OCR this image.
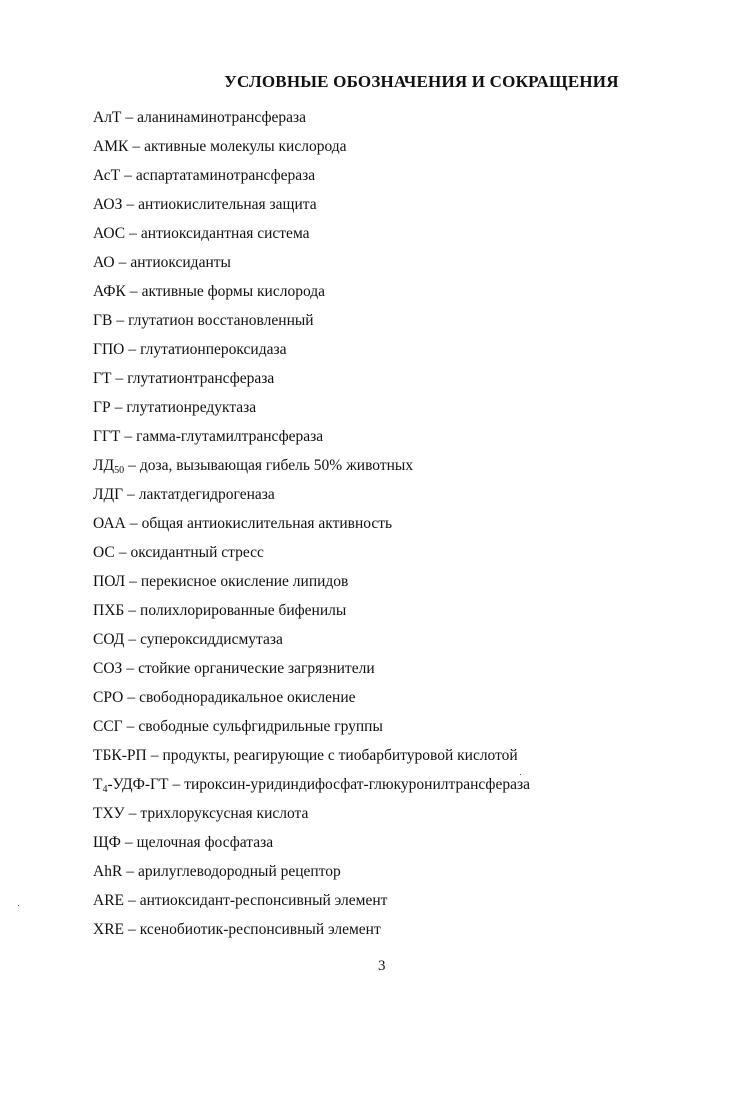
УСЛОВНЫЕ ОБОЗНАЧЕНИЯ И СОКРАЩЕНИЯ
АлТ – аланинаминотрансфераза
АМК – активные молекулы кислорода
АсТ – аспартатаминотрансфераза
АОЗ – антиокислительная защита
АОС – антиоксидантная система
АО – антиоксиданты
АФК – активные формы кислорода
ГВ – глутатион восстановленный
ГПО – глутатионпероксидаза
ГТ – глутатионтрансфераза
ГР – глутатионредуктаза
ГГТ – гамма-глутамилтрансфераза
$ЛД_{50}$ – доза, вызывающая гибель 50% животных
ЛДГ – лактатдегидрогеназа
ОАА – общая антиокислительная активность
ОС – оксидантный стресс
ПОЛ – перекисное окисление липидов
ПХБ – полихлорированные бифенилы
СОД – супероксиддисмутаза
СОЗ – стойкие органические загрязнители
СРО – свободнорадикальное окисление
ССГ – свободные сульфгидрильные группы
ТБК-РП – продукты, реагирующие с тиобарбитуровой кислотой
$Т_4-УДФ-ГТ$ – тироксин-уридиндифосфат-глюкуронилтрансфераза
ТХУ – трихлоруксусная кислота
ЩФ – щелочная фосфатаза
AhR – арилуглеводородный рецептор
ARE – антиоксидант-респонсивный элемент
XRE – ксенобиотик-респонсивный элемент
3
